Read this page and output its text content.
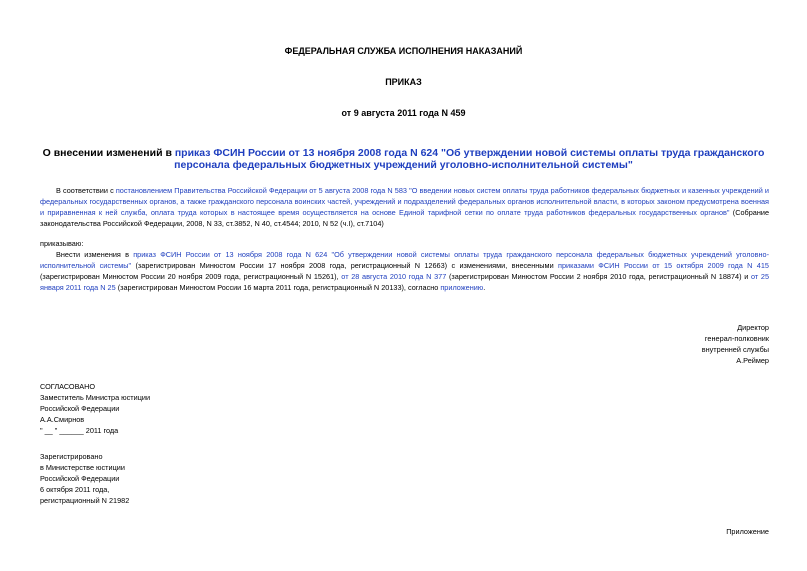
ФЕДЕРАЛЬНАЯ СЛУЖБА ИСПОЛНЕНИЯ НАКАЗАНИЙ
ПРИКАЗ
от 9 августа 2011 года N 459
О внесении изменений в приказ ФСИН России от 13 ноября 2008 года N 624 "Об утверждении новой системы оплаты труда гражданского персонала федеральных бюджетных учреждений уголовно-исполнительной системы"
В соответствии с постановлением Правительства Российской Федерации от 5 августа 2008 года N 583 "О введении новых систем оплаты труда работников федеральных бюджетных и казенных учреждений и федеральных государственных органов, а также гражданского персонала воинских частей, учреждений и подразделений федеральных органов исполнительной власти, в которых законом предусмотрена военная и приравненная к ней служба, оплата труда которых в настоящее время осуществляется на основе Единой тарифной сетки по оплате труда работников федеральных государственных органов" (Собрание законодательства Российской Федерации, 2008, N 33, ст.3852, N 40, ст.4544; 2010, N 52 (ч.I), ст.7104)
приказываю:
Внести изменения в приказ ФСИН России от 13 ноября 2008 года N 624 "Об утверждении новой системы оплаты труда гражданского персонала федеральных бюджетных учреждений уголовно-исполнительной системы" (зарегистрирован Минюстом России 17 ноября 2008 года, регистрационный N 12663) с изменениями, внесенными приказами ФСИН России от 15 октября 2009 года N 415 (зарегистрирован Минюстом России 20 ноября 2009 года, регистрационный N 15261), от 28 августа 2010 года N 377 (зарегистрирован Минюстом России 2 ноября 2010 года, регистрационный N 18874) и от 25 января 2011 года N 25 (зарегистрирован Минюстом России 16 марта 2011 года, регистрационный N 20133), согласно приложению.
Директор
генерал-полковник
внутренней службы
А.Реймер
СОГЛАСОВАНО
Заместитель Министра юстиции
Российской Федерации
А.А.Смирнов
" __ " ______ 2011 года
Зарегистрировано
в Министерстве юстиции
Российской Федерации
6 октября 2011 года,
регистрационный N 21982
Приложение
